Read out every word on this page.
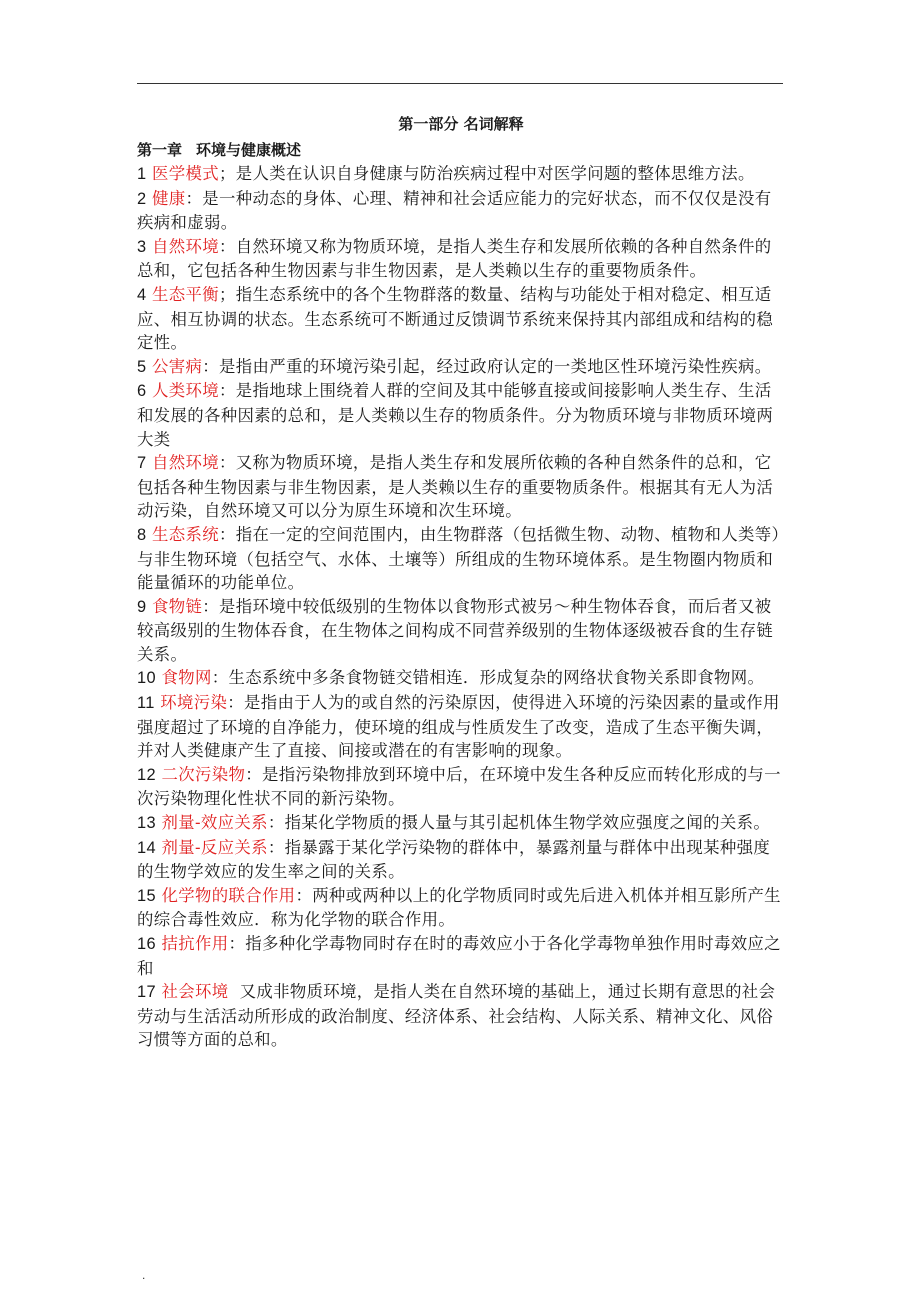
第一部分 名词解释
第一章 环境与健康概述

1 医学模式；是人类在认识自身健康与防治疾病过程中对医学问题的整体思维方法。

2 健康：是一种动态的身体、心理、精神和社会适应能力的完好状态，而不仅仅是没有疾病和虚弱。

3 自然环境：自然环境又称为物质环境，是指人类生存和发展所依赖的各种自然条件的总和，它包括各种生物因素与非生物因素，是人类赖以生存的重要物质条件。

4 生态平衡；指生态系统中的各个生物群落的数量、结构与功能处于相对稳定、相互适应、相互协调的状态。生态系统可不断通过反馈调节系统来保持其内部组成和结构的稳定性。

5 公害病：是指由严重的环境污染引起，经过政府认定的一类地区性环境污染性疾病。

6 人类环境：是指地球上围绕着人群的空间及其中能够直接或间接影响人类生存、生活和发展的各种因素的总和，是人类赖以生存的物质条件。分为物质环境与非物质环境两大类

7 自然环境：又称为物质环境，是指人类生存和发展所依赖的各种自然条件的总和，它包括各种生物因素与非生物因素，是人类赖以生存的重要物质条件。根据其有无人为活动污染，自然环境又可以分为原生环境和次生环境。

8 生态系统：指在一定的空间范围内，由生物群落（包括微生物、动物、植物和人类等）与非生物环境（包括空气、水体、土壤等）所组成的生物环境体系。是生物圈内物质和能量循环的功能单位。

9 食物链：是指环境中较低级别的生物体以食物形式被另～种生物体吞食，而后者又被较高级别的生物体吞食，在生物体之间构成不同营养级别的生物体逐级被吞食的生存链关系。

10 食物网：生态系统中多条食物链交错相连．形成复杂的网络状食物关系即食物网。

11 环境污染：是指由于人为的或自然的污染原因，使得进入环境的污染因素的量或作用强度超过了环境的自净能力，使环境的组成与性质发生了改变，造成了生态平衡失调，并对人类健康产生了直接、间接或潜在的有害影响的现象。

12 二次污染物：是指污染物排放到环境中后，在环境中发生各种反应而转化形成的与一次污染物理化性状不同的新污染物。

13 剂量-效应关系：指某化学物质的摄人量与其引起机体生物学效应强度之闻的关系。

14 剂量-反应关系：指暴露于某化学污染物的群体中，暴露剂量与群体中出现某种强度的生物学效应的发生率之间的关系。

15 化学物的联合作用：两种或两种以上的化学物质同时或先后进入机体并相互影所产生的综合毒性效应．称为化学物的联合作用。

16 拮抗作用：指多种化学毒物同时存在时的毒效应小于各化学毒物单独作用时毒效应之和

17 社会环境 又成非物质环境，是指人类在自然环境的基础上，通过长期有意思的社会劳动与生活活动所形成的政治制度、经济体系、社会结构、人际关系、精神文化、风俗习惯等方面的总和。

.
